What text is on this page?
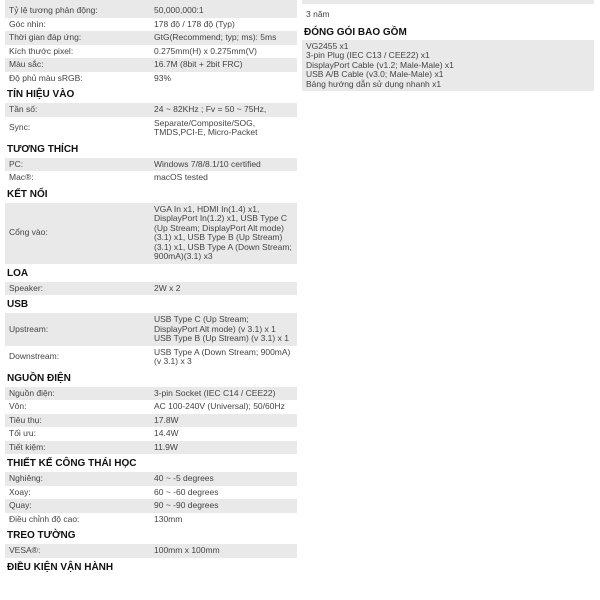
Tỷ lệ tương phản động:	50,000,000:1
Góc nhìn:	178 độ / 178 độ (Typ)
Thời gian đáp ứng:	GtG(Recommend; typ; ms): 5ms
Kích thước pixel:	0.275mm(H) x 0.275mm(V)
Màu sắc:	16.7M (8bit + 2bit FRC)
Độ phủ màu sRGB:	93%
TÍN HIỆU VÀO
Tần số:	24 ~ 82KHz ; Fv = 50 ~ 75Hz,
Sync:	Separate/Composite/SOG, TMDS,PCI-E, Micro-Packet
TƯƠNG THÍCH
PC:	Windows 7/8/8.1/10 certified
Mac®:	macOS tested
KẾT NỐI
Cổng vào:	VGA In x1, HDMI In(1.4) x1, DisplayPort In(1.2) x1, USB Type C (Up Stream; DisplayPort Alt mode) (3.1) x1, USB Type B (Up Stream) (3.1) x1, USB Type A (Down Stream; 900mA)(3.1) x3
LOA
Speaker:	2W x 2
USB
Upstream:	USB Type C (Up Stream; DisplayPort Alt mode) (v 3.1) x 1
USB Type B (Up Stream) (v 3.1) x 1
Downstream:	USB Type A (Down Stream; 900mA) (v 3.1) x 3
NGUỒN ĐIỆN
Nguồn điện:	3-pin Socket (IEC C14 / CEE22)
Vôn:	AC 100-240V (Universal); 50/60Hz
Tiêu thụ:	17.8W
Tối ưu:	14.4W
Tiết kiệm:	11.9W
THIẾT KẾ CÔNG THÁI HỌC
Nghiêng:	40 ~ -5 degrees
Xoay:	60 ~ -60 degrees
Quay:	90 ~ -90 degrees
Điều chỉnh độ cao:	130mm
TREO TƯỜNG
VESA®:	100mm x 100mm
ĐIỀU KIỆN VẬN HÀNH
3 năm
ĐÓNG GÓI BAO GỒM
VG2455 x1
3-pin Plug (IEC C13 / CEE22) x1
DisplayPort Cable (v1.2; Male-Male) x1
USB A/B Cable (v3.0; Male-Male) x1
Bảng hướng dẫn sử dụng nhanh x1
